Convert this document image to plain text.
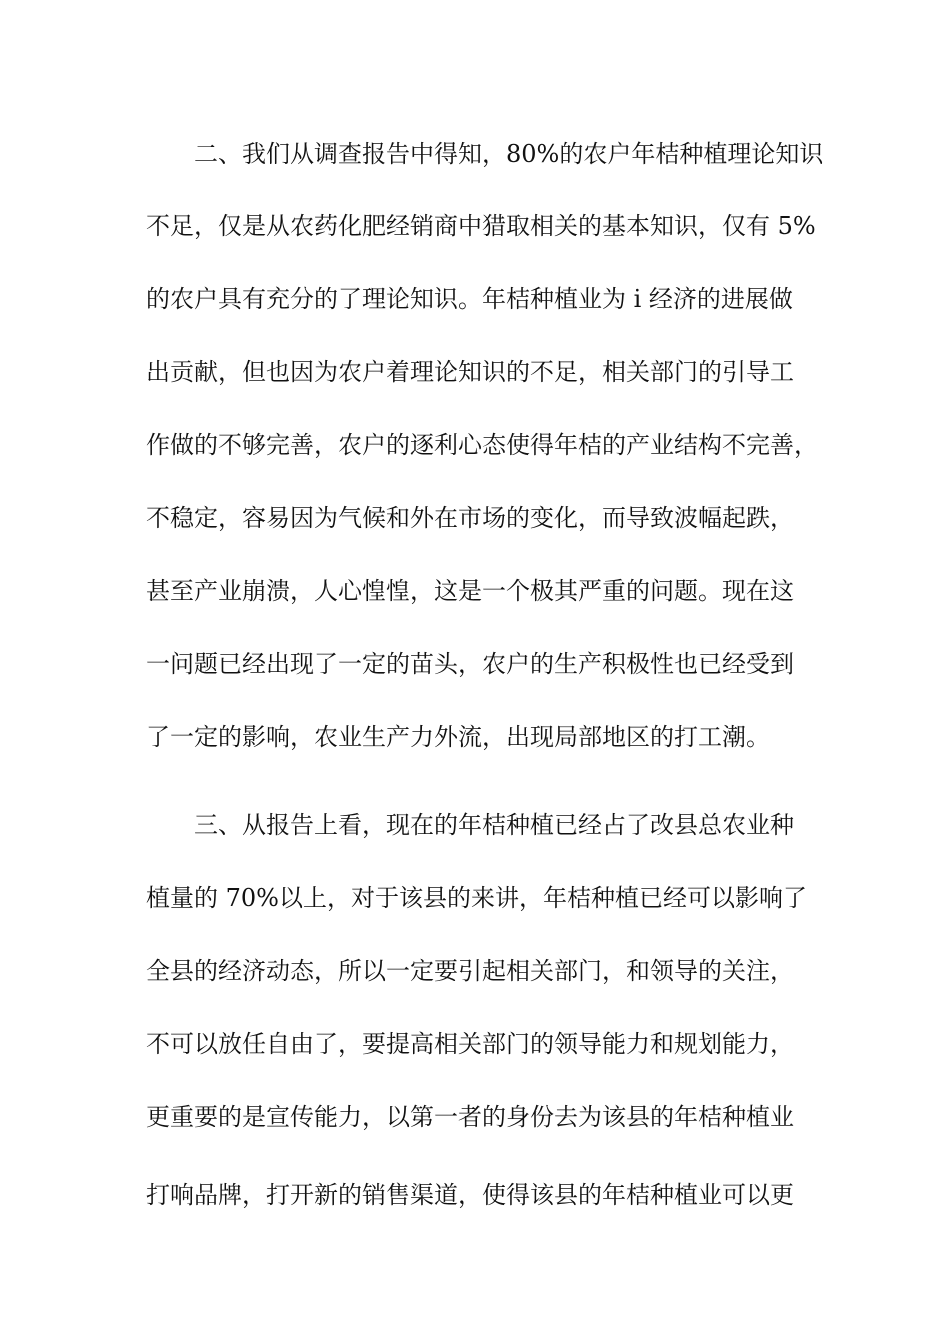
二、我们从调查报告中得知，80%的农户年桔种植理论知识
不足，仅是从农药化肥经销商中猎取相关的基本知识，仅有 5%
的农户具有充分的了理论知识。年桔种植业为 i 经济的进展做
出贡献，但也因为农户着理论知识的不足，相关部门的引导工
作做的不够完善，农户的逐利心态使得年桔的产业结构不完善，
不稳定，容易因为气候和外在市场的变化，而导致波幅起跌，
甚至产业崩溃，人心惶惶，这是一个极其严重的问题。现在这
一问题已经出现了一定的苗头，农户的生产积极性也已经受到
了一定的影响，农业生产力外流，出现局部地区的打工潮。
三、从报告上看，现在的年桔种植已经占了改县总农业种
植量的 70%以上，对于该县的来讲，年桔种植已经可以影响了
全县的经济动态，所以一定要引起相关部门，和领导的关注，
不可以放任自由了，要提高相关部门的领导能力和规划能力，
更重要的是宣传能力，以第一者的身份去为该县的年桔种植业
打响品牌，打开新的销售渠道，使得该县的年桔种植业可以更
